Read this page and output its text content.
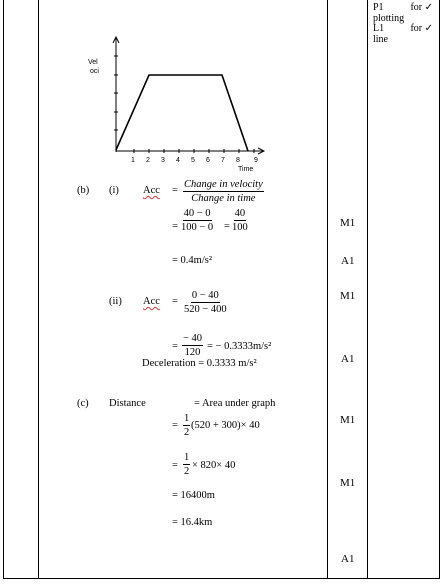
P1	for ✓
plotting
L1	for ✓
line
Vel
oci
1 2 3 4 5 6 7 8 9
Time
(b) (i) Acc =
Change in velocity
Change in time
= $\frac{40 - 0}{100 - 0} = \frac{40}{100}$	M1
= 0.4m/s²	A1
(ii) Acc = $\frac{0 - 40}{520 - 400}$	M1
= $\frac{- 40}{120}$ = − 0.3333m/s²
Deceleration = 0.3333 m/s²	A1
(c) Distance	= Area under graph
= $\frac{1}{2} (520 + 300)\times 40$	M1
= $\frac{1}{2} \times 820\times 40$
M1
= 16400m
= 16.4km
A1
